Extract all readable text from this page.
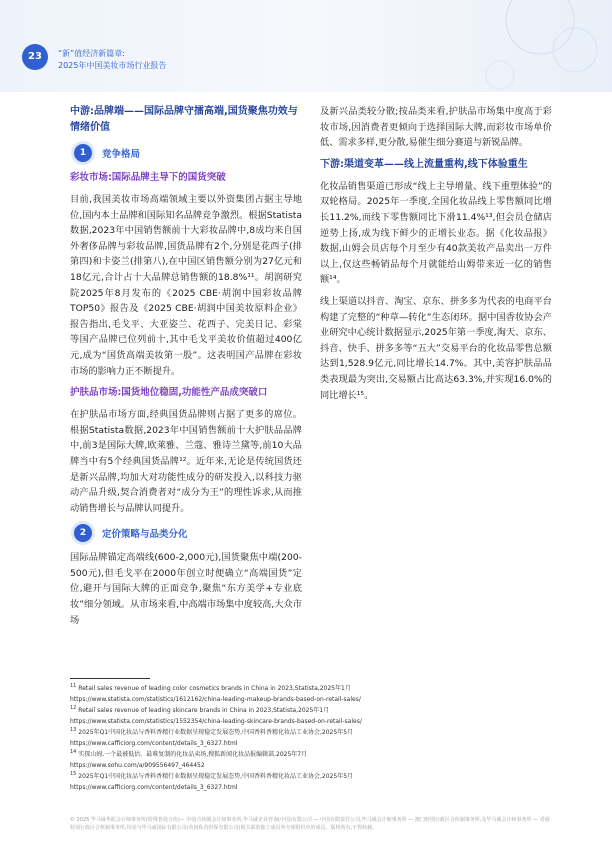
23	“新”值经济新篇章:
2025年中国美妆市场行业报告
中游:品牌端——国际品牌守擂高端,国货聚焦功效与情绪价值
1	竞争格局
彩妆市场:国际品牌主导下的国货突破

目前,我国美妆市场高端领域主要以外资集团占据主导地位,国内本土品牌和国际知名品牌竞争激烈。根据Statista数据,2023年中国销售额前十大彩妆品牌中,8成均来自国外奢侈品牌与彩妆品牌,国货品牌有2个,分别是花西子(排第四)和卡姿兰(排第八),在中国区销售额分别为27亿元和18亿元,合计占十大品牌总销售额的18.8%¹¹。胡润研究院2025年8月发布的《2025 CBE·胡润中国彩妆品牌TOP50》报告及《2025 CBE·胡润中国美妆原料企业》报告指出,毛戈平、大亚姿兰、花西子、完美日记、彩棠等国产品牌已位列前十,其中毛戈平美妆价值超过400亿元,成为“国货高端美妆第一股”。这表明国产品牌在彩妆市场的影响力正不断提升。

护肤品市场:国货地位稳固,功能性产品成突破口

在护肤品市场方面,经典国货品牌则占据了更多的席位。根据Statista数据,2023年中国销售额前十大护肤品品牌中,前3是国际大牌,欧莱雅、兰蔻、雅诗兰黛等,前10大品牌当中有5个经典国货品牌¹²。近年来,无论是传统国货还是新兴品牌,均加大对功能性成分的研发投入,以科技力驱动产品升级,契合消费者对“成分为王”的理性诉求,从而推动销售增长与品牌认同提升。

2	定价策略与品类分化

国际品牌锚定高端线(600-2,000元),国货聚焦中端(200-500元),但毛戈平在2000年创立时便确立“高端国货”定位,避开与国际大牌的正面竞争,聚焦“东方美学+专业底妆”细分领域。从市场来看,中高端市场集中度较高,大众市场

及新兴品类较分散;按品类来看,护肤品市场集中度高于彩妆市场,因消费者更倾向于选择国际大牌,而彩妆市场单价低、需求多样,更分散,易催生细分赛道与新锐品牌。

下游:渠道变革——线上流量重构,线下体验重生

化妆品销售渠道已形成“线上主导增量、线下重塑体验”的双轮格局。2025年一季度,全国化妆品线上零售额同比增长11.2%,而线下零售额同比下滑11.4%¹³,但会员仓储店逆势上扬,成为线下鲜少的正增长业态。据《化妆品报》数据,山姆会员店每个月至少有40款美妆产品卖出一万件以上,仅这些畅销品每个月就能给山姆带来近一亿的销售额¹⁴。

线上渠道以抖音、淘宝、京东、拼多多为代表的电商平台构建了完整的“种草—转化”生态闭环。据中国香妆协会产业研究中心统计数据显示,2025年第一季度,淘天、京东、抖音、快手、拼多多等“五大”交易平台的化妆品零售总额达到1,528.9亿元,同比增长14.7%。其中,美容护肤品品类表现最为突出,交易额占比高达63.3%,并实现16.0%的同比增长¹⁵。

$^{11}$ Retail sales revenue of leading color cosmetics brands in China in 2023,Statista,2025年1月
https://www.statista.com/statistics/1612162/china-leading-makeup-brands-based-on-retail-sales/
$^{12}$ Retail sales revenue of leading skincare brands in China in 2023,Statista,2025年1月
https://www.statista.com/statistics/1552354/china-leading-skincare-brands-based-on-retail-sales/
$^{13}$ 2025年Q1中国化妆品与香料香精行业数据呈现稳定发展态势,中国香料香精化妆品工业协会,2025年5月
https://www.cafficiorg.com/content/details_3_6327.html
$^{14}$ 实探山姆,一个最被低估、最难复制的化妆品卖场,搜狐新闻化妆品报编辑部,2025年7月
https://www.sohu.com/a/909556497_464452
$^{15}$ 2025年Q1中国化妆品与香料香精行业数据呈现稳定发展态势,中国香料香精化妆品工业协会,2025年5月
https://www.cafficiorg.com/content/details_3_6327.html
© 2025 毕马威华振会计师事务所(特殊普通合伙)— 中国合伙制会计师事务所,毕马威企业咨询(中国)有限公司 — 中国有限责任公司,毕马威会计师事务所 — 澳门特别行政区合伙制事务所,及毕马威会计师事务所 — 香港特别行政区合伙制事务所,均是与毕马威国际有限公司(英国私营担保有限公司)相关联的独立成员所全球组织中的成员。版权所有,不得转载。
